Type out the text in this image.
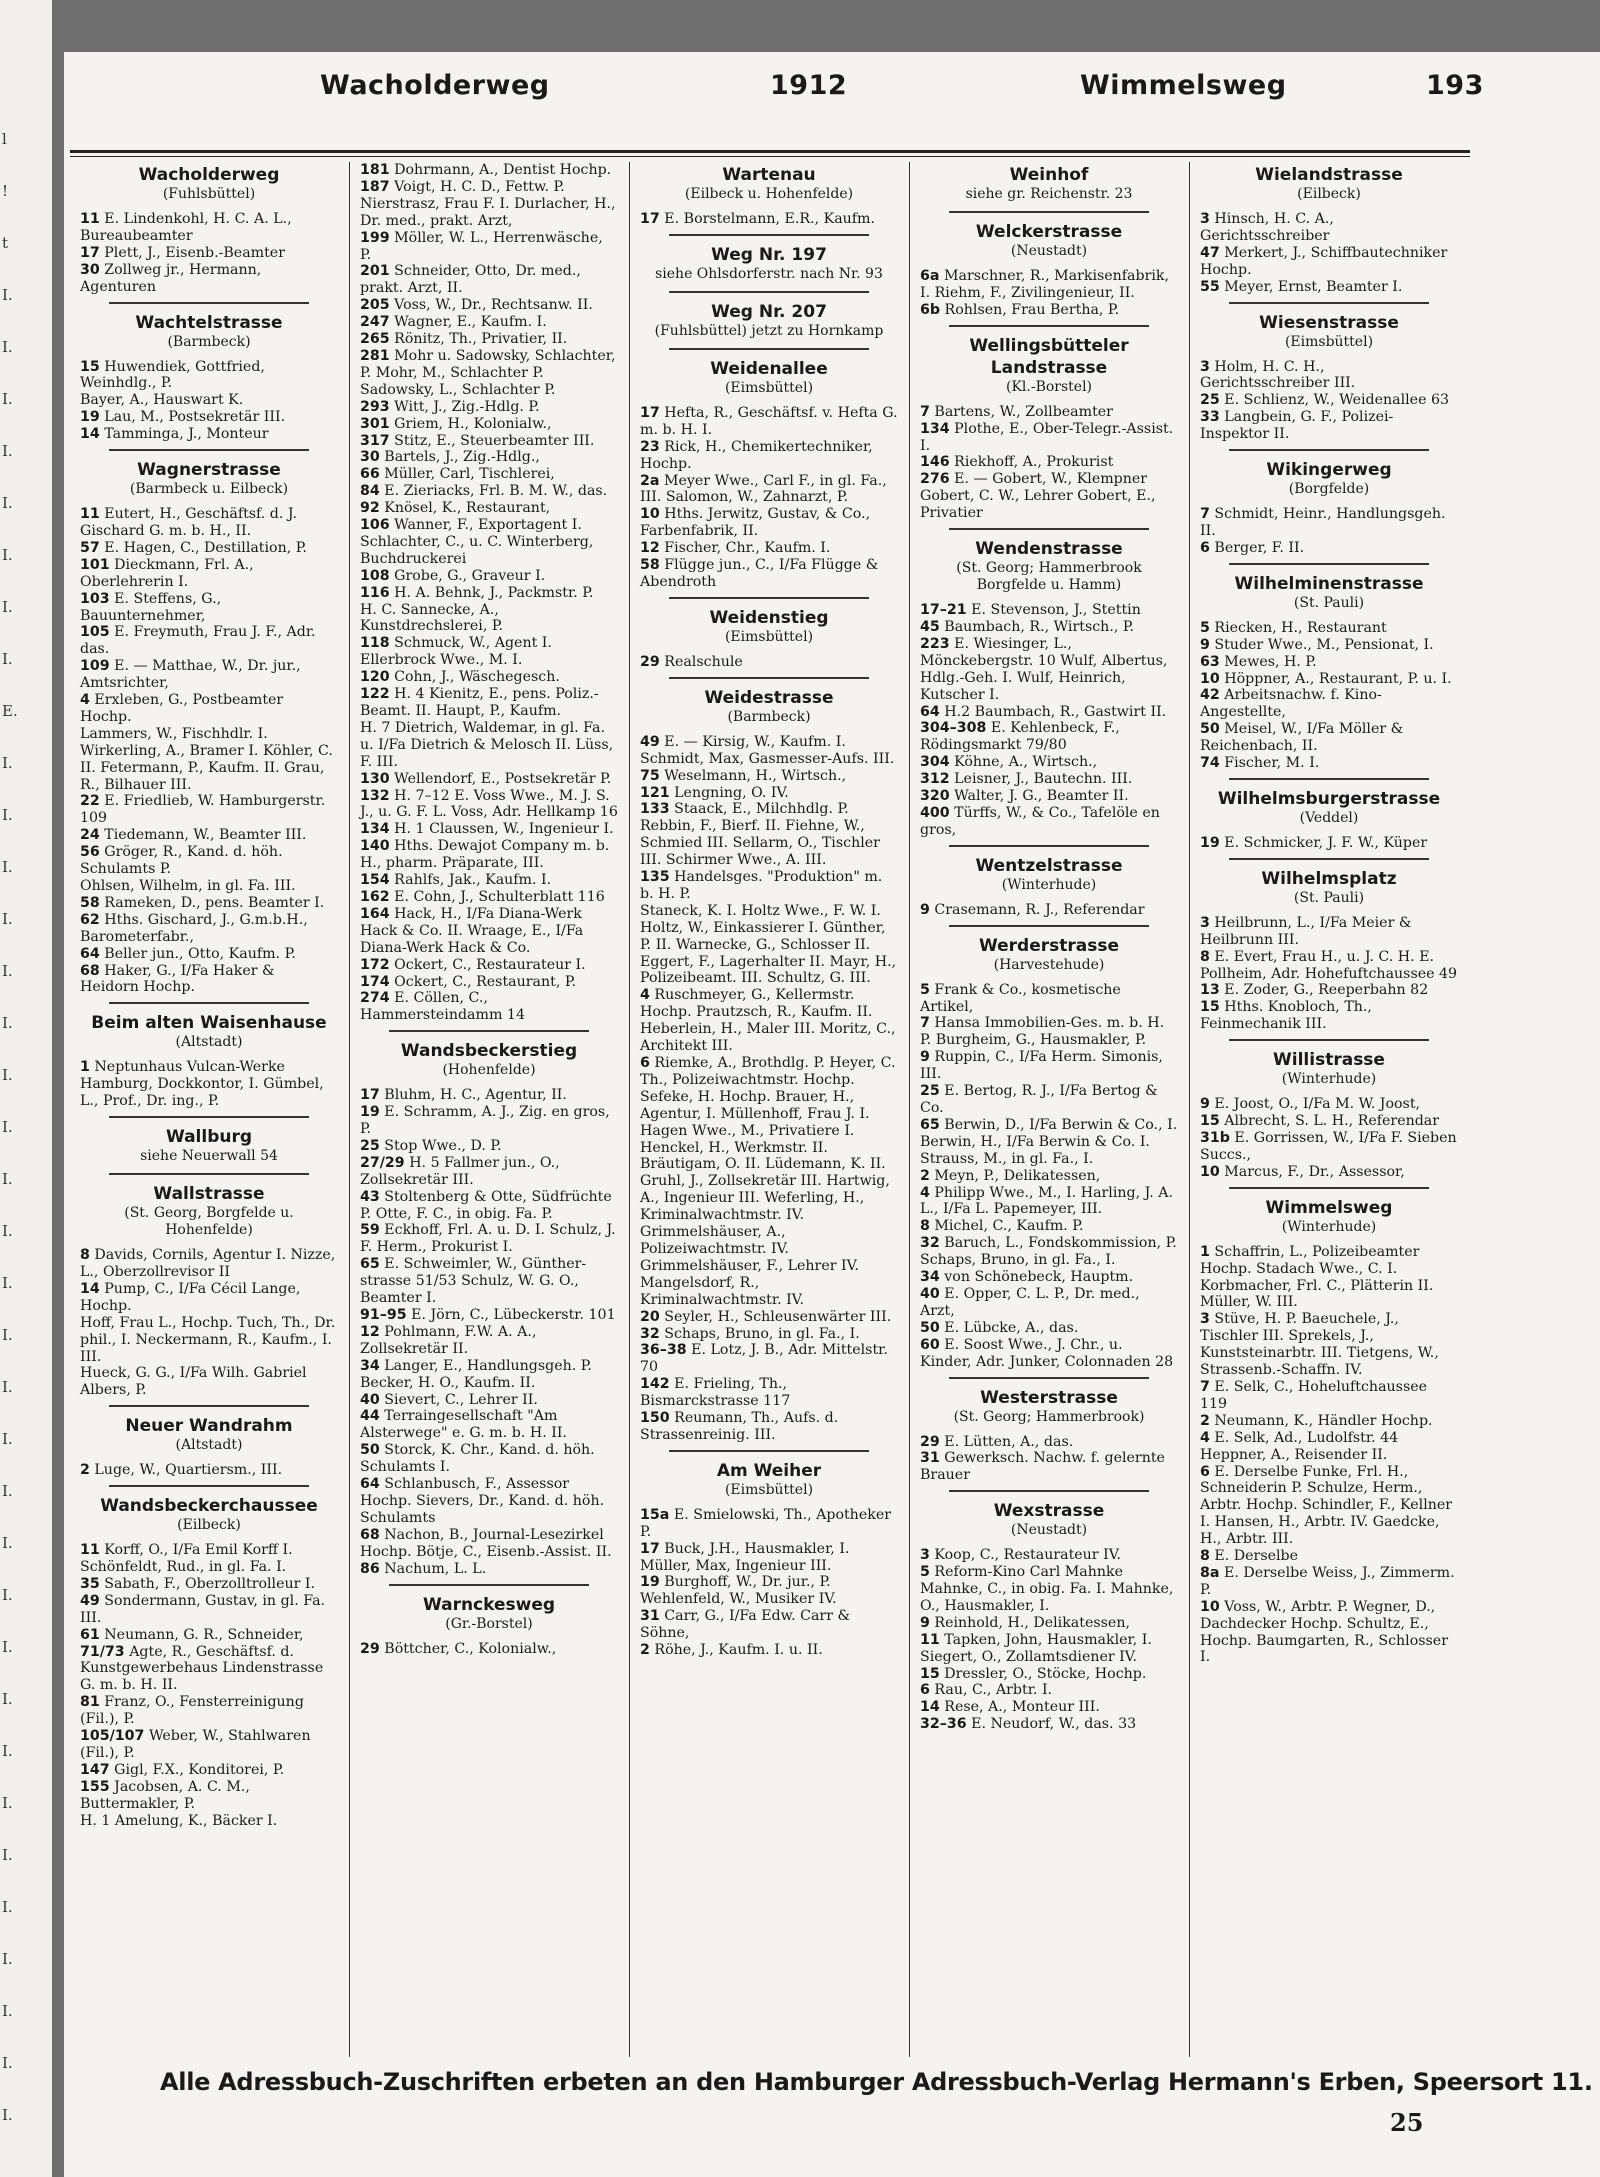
l
!
t
I.
I.
I.
I.
I.
I.
I.
I.
E.
I.
I.
I.
I.
I.
I.
I.
I.
I.
I.
I.
I.
I.
I.
I.
I.
I.
I.
I.
I.
I.
I.
I.
I.
I.
I.
I.
Wacholderweg	1912	Wimmelsweg	193
Wacholderweg
(Fuhlsbüttel)
11 E. Lindenkohl, H. C. A. L., Bureaubeamter
17 Plett, J., Eisenb.-Beamter
30 Zollweg jr., Hermann, Agenturen
Wachtelstrasse
(Barmbeck)
15 Huwendiek, Gottfried, Weinhdlg., P.
Bayer, A., Hauswart K.
19 Lau, M., Postsekretär III.
14 Tamminga, J., Monteur
Wagnerstrasse
(Barmbeck u. Eilbeck)
11 Eutert, H., Geschäftsf. d. J. Gischard G. m. b. H., II.
57 E. Hagen, C., Destillation, P.
101 Dieckmann, Frl. A., Oberlehrerin I.
103 E. Steffens, G., Bauunternehmer,
105 E. Freymuth, Frau J. F., Adr. das.
109 E. — Matthae, W., Dr. jur., Amtsrichter,
4 Erxleben, G., Postbeamter Hochp.
Lammers, W., Fischhdlr. I. Wirkerling, A., Bramer I. Köhler, C. II. Fetermann, P., Kaufm. II. Grau, R., Bilhauer III.
22 E. Friedlieb, W. Hamburgerstr. 109
24 Tiedemann, W., Beamter III.
56 Gröger, R., Kand. d. höh. Schulamts P.
Ohlsen, Wilhelm, in gl. Fa. III.
58 Rameken, D., pens. Beamter I.
62 Hths. Gischard, J., G.m.b.H., Barometerfabr.,
64 Beller jun., Otto, Kaufm. P.
68 Haker, G., I/Fa Haker & Heidorn Hochp.
Beim alten Waisenhause
(Altstadt)
1 Neptunhaus Vulcan-Werke Hamburg, Dockkontor, I. Gümbel, L., Prof., Dr. ing., P.
Wallburg
siehe Neuerwall 54
Wallstrasse
(St. Georg, Borgfelde u. Hohenfelde)
8 Davids, Cornils, Agentur I. Nizze, L., Oberzollrevisor II
14 Pump, C., I/Fa Cécil Lange, Hochp.
Hoff, Frau L., Hochp. Tuch, Th., Dr. phil., I. Neckermann, R., Kaufm., I. III.
Hueck, G. G., I/Fa Wilh. Gabriel Albers, P.
Neuer Wandrahm
(Altstadt)
2 Luge, W., Quartiersm., III.
Wandsbeckerchaussee
(Eilbeck)
11 Korff, O., I/Fa Emil Korff I. Schönfeldt, Rud., in gl. Fa. I.
35 Sabath, F., Oberzolltrolleur I.
49 Sondermann, Gustav, in gl. Fa. III.
61 Neumann, G. R., Schneider,
71/73 Agte, R., Geschäftsf. d. Kunstgewerbehaus Lindenstrasse G. m. b. H. II.
81 Franz, O., Fensterreinigung (Fil.), P.
105/107 Weber, W., Stahlwaren (Fil.), P.
147 Gigl, F.X., Konditorei, P.
155 Jacobsen, A. C. M., Buttermakler, P.
H. 1 Amelung, K., Bäcker I.
181 Dohrmann, A., Dentist Hochp.
187 Voigt, H. C. D., Fettw. P. Nierstrasz, Frau F. I. Durlacher, H., Dr. med., prakt. Arzt,
199 Möller, W. L., Herrenwäsche, P.
201 Schneider, Otto, Dr. med., prakt. Arzt, II.
205 Voss, W., Dr., Rechtsanw. II.
247 Wagner, E., Kaufm. I.
265 Rönitz, Th., Privatier, II.
281 Mohr u. Sadowsky, Schlachter, P. Mohr, M., Schlachter P. Sadowsky, L., Schlachter P.
293 Witt, J., Zig.-Hdlg. P.
301 Griem, H., Kolonialw.,
317 Stitz, E., Steuerbeamter III.
30 Bartels, J., Zig.-Hdlg.,
66 Müller, Carl, Tischlerei,
84 E. Zieriacks, Frl. B. M. W., das.
92 Knösel, K., Restaurant,
106 Wanner, F., Exportagent I. Schlachter, C., u. C. Winterberg, Buchdruckerei
108 Grobe, G., Graveur I.
116 H. A. Behnk, J., Packmstr. P.
H. C. Sannecke, A., Kunstdrechslerei, P.
118 Schmuck, W., Agent I. Ellerbrock Wwe., M. I.
120 Cohn, J., Wäschegesch.
122 H. 4 Kienitz, E., pens. Poliz.-Beamt. II. Haupt, P., Kaufm.
H. 7 Dietrich, Waldemar, in gl. Fa. u. I/Fa Dietrich & Melosch II. Lüss, F. III.
130 Wellendorf, E., Postsekretär P.
132 H. 7–12 E. Voss Wwe., M. J. S. J., u. G. F. L. Voss, Adr. Hellkamp 16
134 H. 1 Claussen, W., Ingenieur I.
140 Hths. Dewajot Company m. b. H., pharm. Präparate, III.
154 Rahlfs, Jak., Kaufm. I.
162 E. Cohn, J., Schulterblatt 116
164 Hack, H., I/Fa Diana-Werk Hack & Co. II. Wraage, E., I/Fa Diana-Werk Hack & Co.
172 Ockert, C., Restaurateur I.
174 Ockert, C., Restaurant, P.
274 E. Cöllen, C., Hammersteindamm 14
Wandsbeckerstieg
(Hohenfelde)
17 Bluhm, H. C., Agentur, II.
19 E. Schramm, A. J., Zig. en gros, P.
25 Stop Wwe., D. P.
27/29 H. 5 Fallmer jun., O., Zollsekretär III.
43 Stoltenberg & Otte, Südfrüchte P. Otte, F. C., in obig. Fa. P.
59 Eckhoff, Frl. A. u. D. I. Schulz, J. F. Herm., Prokurist I.
65 E. Schweimler, W., Günther-strasse 51/53 Schulz, W. G. O., Beamter I.
91–95 E. Jörn, C., Lübeckerstr. 101
12 Pohlmann, F.W. A. A., Zollsekretär II.
34 Langer, E., Handlungsgeh. P. Becker, H. O., Kaufm. II.
40 Sievert, C., Lehrer II.
44 Terraingesellschaft "Am Alsterwege" e. G. m. b. H. II.
50 Storck, K. Chr., Kand. d. höh. Schulamts I.
64 Schlanbusch, F., Assessor Hochp. Sievers, Dr., Kand. d. höh. Schulamts
68 Nachon, B., Journal-Lesezirkel Hochp. Bötje, C., Eisenb.-Assist. II.
86 Nachum, L. L.
Warnckesweg
(Gr.-Borstel)
29 Böttcher, C., Kolonialw.,
Wartenau
(Eilbeck u. Hohenfelde)
17 E. Borstelmann, E.R., Kaufm.
Weg Nr. 197
siehe Ohlsdorferstr. nach Nr. 93
Weg Nr. 207
(Fuhlsbüttel) jetzt zu Hornkamp
Weidenallee
(Eimsbüttel)
17 Hefta, R., Geschäftsf. v. Hefta G. m. b. H. I.
23 Rick, H., Chemikertechniker, Hochp.
2a Meyer Wwe., Carl F., in gl. Fa., III. Salomon, W., Zahnarzt, P.
10 Hths. Jerwitz, Gustav, & Co., Farbenfabrik, II.
12 Fischer, Chr., Kaufm. I.
58 Flügge jun., C., I/Fa Flügge & Abendroth
Weidenstieg
(Eimsbüttel)
29 Realschule
Weidestrasse
(Barmbeck)
49 E. — Kirsig, W., Kaufm. I. Schmidt, Max, Gasmesser-Aufs. III.
75 Weselmann, H., Wirtsch.,
121 Lengning, O. IV.
133 Staack, E., Milchhdlg. P. Rebbin, F., Bierf. II. Fiehne, W., Schmied III. Sellarm, O., Tischler III. Schirmer Wwe., A. III.
135 Handelsges. "Produktion" m. b. H. P.
Staneck, K. I. Holtz Wwe., F. W. I. Holtz, W., Einkassierer I. Günther, P. II. Warnecke, G., Schlosser II. Eggert, F., Lagerhalter II. Mayr, H., Polizeibeamt. III. Schultz, G. III.
4 Ruschmeyer, G., Kellermstr. Hochp. Prautzsch, R., Kaufm. II. Heberlein, H., Maler III. Moritz, C., Architekt III.
6 Riemke, A., Brothdlg. P. Heyer, C. Th., Polizeiwachtmstr. Hochp. Sefeke, H. Hochp. Brauer, H., Agentur, I. Müllenhoff, Frau J. I. Hagen Wwe., M., Privatiere I. Henckel, H., Werkmstr. II. Bräutigam, O. II. Lüdemann, K. II. Gruhl, J., Zollsekretär III. Hartwig, A., Ingenieur III. Weferling, H., Kriminalwachtmstr. IV. Grimmelshäuser, A., Polizeiwachtmstr. IV. Grimmelshäuser, F., Lehrer IV. Mangelsdorf, R., Kriminalwachtmstr. IV.
20 Seyler, H., Schleusenwärter III.
32 Schaps, Bruno, in gl. Fa., I.
36–38 E. Lotz, J. B., Adr. Mittelstr. 70
142 E. Frieling, Th., Bismarckstrasse 117
150 Reumann, Th., Aufs. d. Strassenreinig. III.
Am Weiher
(Eimsbüttel)
15a E. Smielowski, Th., Apotheker P.
17 Buck, J.H., Hausmakler, I. Müller, Max, Ingenieur III.
19 Burghoff, W., Dr. jur., P. Wehlenfeld, W., Musiker IV.
31 Carr, G., I/Fa Edw. Carr & Söhne,
2 Röhe, J., Kaufm. I. u. II.
Weinhof
siehe gr. Reichenstr. 23
Welckerstrasse
(Neustadt)
6a Marschner, R., Markisenfabrik, I. Riehm, F., Zivilingenieur, II.
6b Rohlsen, Frau Bertha, P.
Wellingsbütteler Landstrasse
(Kl.-Borstel)
7 Bartens, W., Zollbeamter
134 Plothe, E., Ober-Telegr.-Assist. I.
146 Riekhoff, A., Prokurist
276 E. — Gobert, W., Klempner Gobert, C. W., Lehrer Gobert, E., Privatier
Wendenstrasse
(St. Georg; Hammerbrook Borgfelde u. Hamm)
17–21 E. Stevenson, J., Stettin
45 Baumbach, R., Wirtsch., P.
223 E. Wiesinger, L., Mönckebergstr. 10 Wulf, Albertus, Hdlg.-Geh. I. Wulf, Heinrich, Kutscher I.
64 H.2 Baumbach, R., Gastwirt II.
304–308 E. Kehlenbeck, F., Rödingsmarkt 79/80
304 Köhne, A., Wirtsch.,
312 Leisner, J., Bautechn. III.
320 Walter, J. G., Beamter II.
400 Türffs, W., & Co., Tafelöle en gros,
Wentzelstrasse
(Winterhude)
9 Crasemann, R. J., Referendar
Werderstrasse
(Harvestehude)
5 Frank & Co., kosmetische Artikel,
7 Hansa Immobilien-Ges. m. b. H. P. Burgheim, G., Hausmakler, P.
9 Ruppin, C., I/Fa Herm. Simonis, III.
25 E. Bertog, R. J., I/Fa Bertog & Co.
65 Berwin, D., I/Fa Berwin & Co., I. Berwin, H., I/Fa Berwin & Co. I. Strauss, M., in gl. Fa., I.
2 Meyn, P., Delikatessen,
4 Philipp Wwe., M., I. Harling, J. A. L., I/Fa L. Papemeyer, III.
8 Michel, C., Kaufm. P.
32 Baruch, L., Fondskommission, P. Schaps, Bruno, in gl. Fa., I.
34 von Schönebeck, Hauptm.
40 E. Opper, C. L. P., Dr. med., Arzt,
50 E. Lübcke, A., das.
60 E. Soost Wwe., J. Chr., u. Kinder, Adr. Junker, Colonnaden 28
Westerstrasse
(St. Georg; Hammerbrook)
29 E. Lütten, A., das.
31 Gewerksch. Nachw. f. gelernte Brauer
Wexstrasse
(Neustadt)
3 Koop, C., Restaurateur IV.
5 Reform-Kino Carl Mahnke Mahnke, C., in obig. Fa. I. Mahnke, O., Hausmakler, I.
9 Reinhold, H., Delikatessen,
11 Tapken, John, Hausmakler, I. Siegert, O., Zollamtsdiener IV.
15 Dressler, O., Stöcke, Hochp.
6 Rau, C., Arbtr. I.
14 Rese, A., Monteur III.
32–36 E. Neudorf, W., das. 33
Wielandstrasse
(Eilbeck)
3 Hinsch, H. C. A., Gerichtsschreiber
47 Merkert, J., Schiffbautechniker Hochp.
55 Meyer, Ernst, Beamter I.
Wiesenstrasse
(Eimsbüttel)
3 Holm, H. C. H., Gerichtsschreiber III.
25 E. Schlienz, W., Weidenallee 63
33 Langbein, G. F., Polizei-Inspektor II.
Wikingerweg
(Borgfelde)
7 Schmidt, Heinr., Handlungsgeh. II.
6 Berger, F. II.
Wilhelminenstrasse
(St. Pauli)
5 Riecken, H., Restaurant
9 Studer Wwe., M., Pensionat, I.
63 Mewes, H. P.
10 Höppner, A., Restaurant, P. u. I.
42 Arbeitsnachw. f. Kino-Angestellte,
50 Meisel, W., I/Fa Möller & Reichenbach, II.
74 Fischer, M. I.
Wilhelmsburgerstrasse
(Veddel)
19 E. Schmicker, J. F. W., Küper
Wilhelmsplatz
(St. Pauli)
3 Heilbrunn, L., I/Fa Meier & Heilbrunn III.
8 E. Evert, Frau H., u. J. C. H. E. Pollheim, Adr. Hohefuftchaussee 49
13 E. Zoder, G., Reeperbahn 82
15 Hths. Knobloch, Th., Feinmechanik III.
Willistrasse
(Winterhude)
9 E. Joost, O., I/Fa M. W. Joost,
15 Albrecht, S. L. H., Referendar
31b E. Gorrissen, W., I/Fa F. Sieben Succs.,
10 Marcus, F., Dr., Assessor,
Wimmelsweg
(Winterhude)
1 Schaffrin, L., Polizeibeamter Hochp. Stadach Wwe., C. I. Korbmacher, Frl. C., Plätterin II. Müller, W. III.
3 Stüve, H. P. Baeuchele, J., Tischler III. Sprekels, J., Kunststeinarbtr. III. Tietgens, W., Strassenb.-Schaffn. IV.
7 E. Selk, C., Hoheluftchaussee 119
2 Neumann, K., Händler Hochp.
4 E. Selk, Ad., Ludolfstr. 44 Heppner, A., Reisender II.
6 E. Derselbe Funke, Frl. H., Schneiderin P. Schulze, Herm., Arbtr. Hochp. Schindler, F., Kellner I. Hansen, H., Arbtr. IV. Gaedcke, H., Arbtr. III.
8 E. Derselbe
8a E. Derselbe Weiss, J., Zimmerm. P.
10 Voss, W., Arbtr. P. Wegner, D., Dachdecker Hochp. Schultz, E., Hochp. Baumgarten, R., Schlosser I.
Alle Adressbuch-Zuschriften erbeten an den Hamburger Adressbuch-Verlag Hermann's Erben, Speersort 11.
25
